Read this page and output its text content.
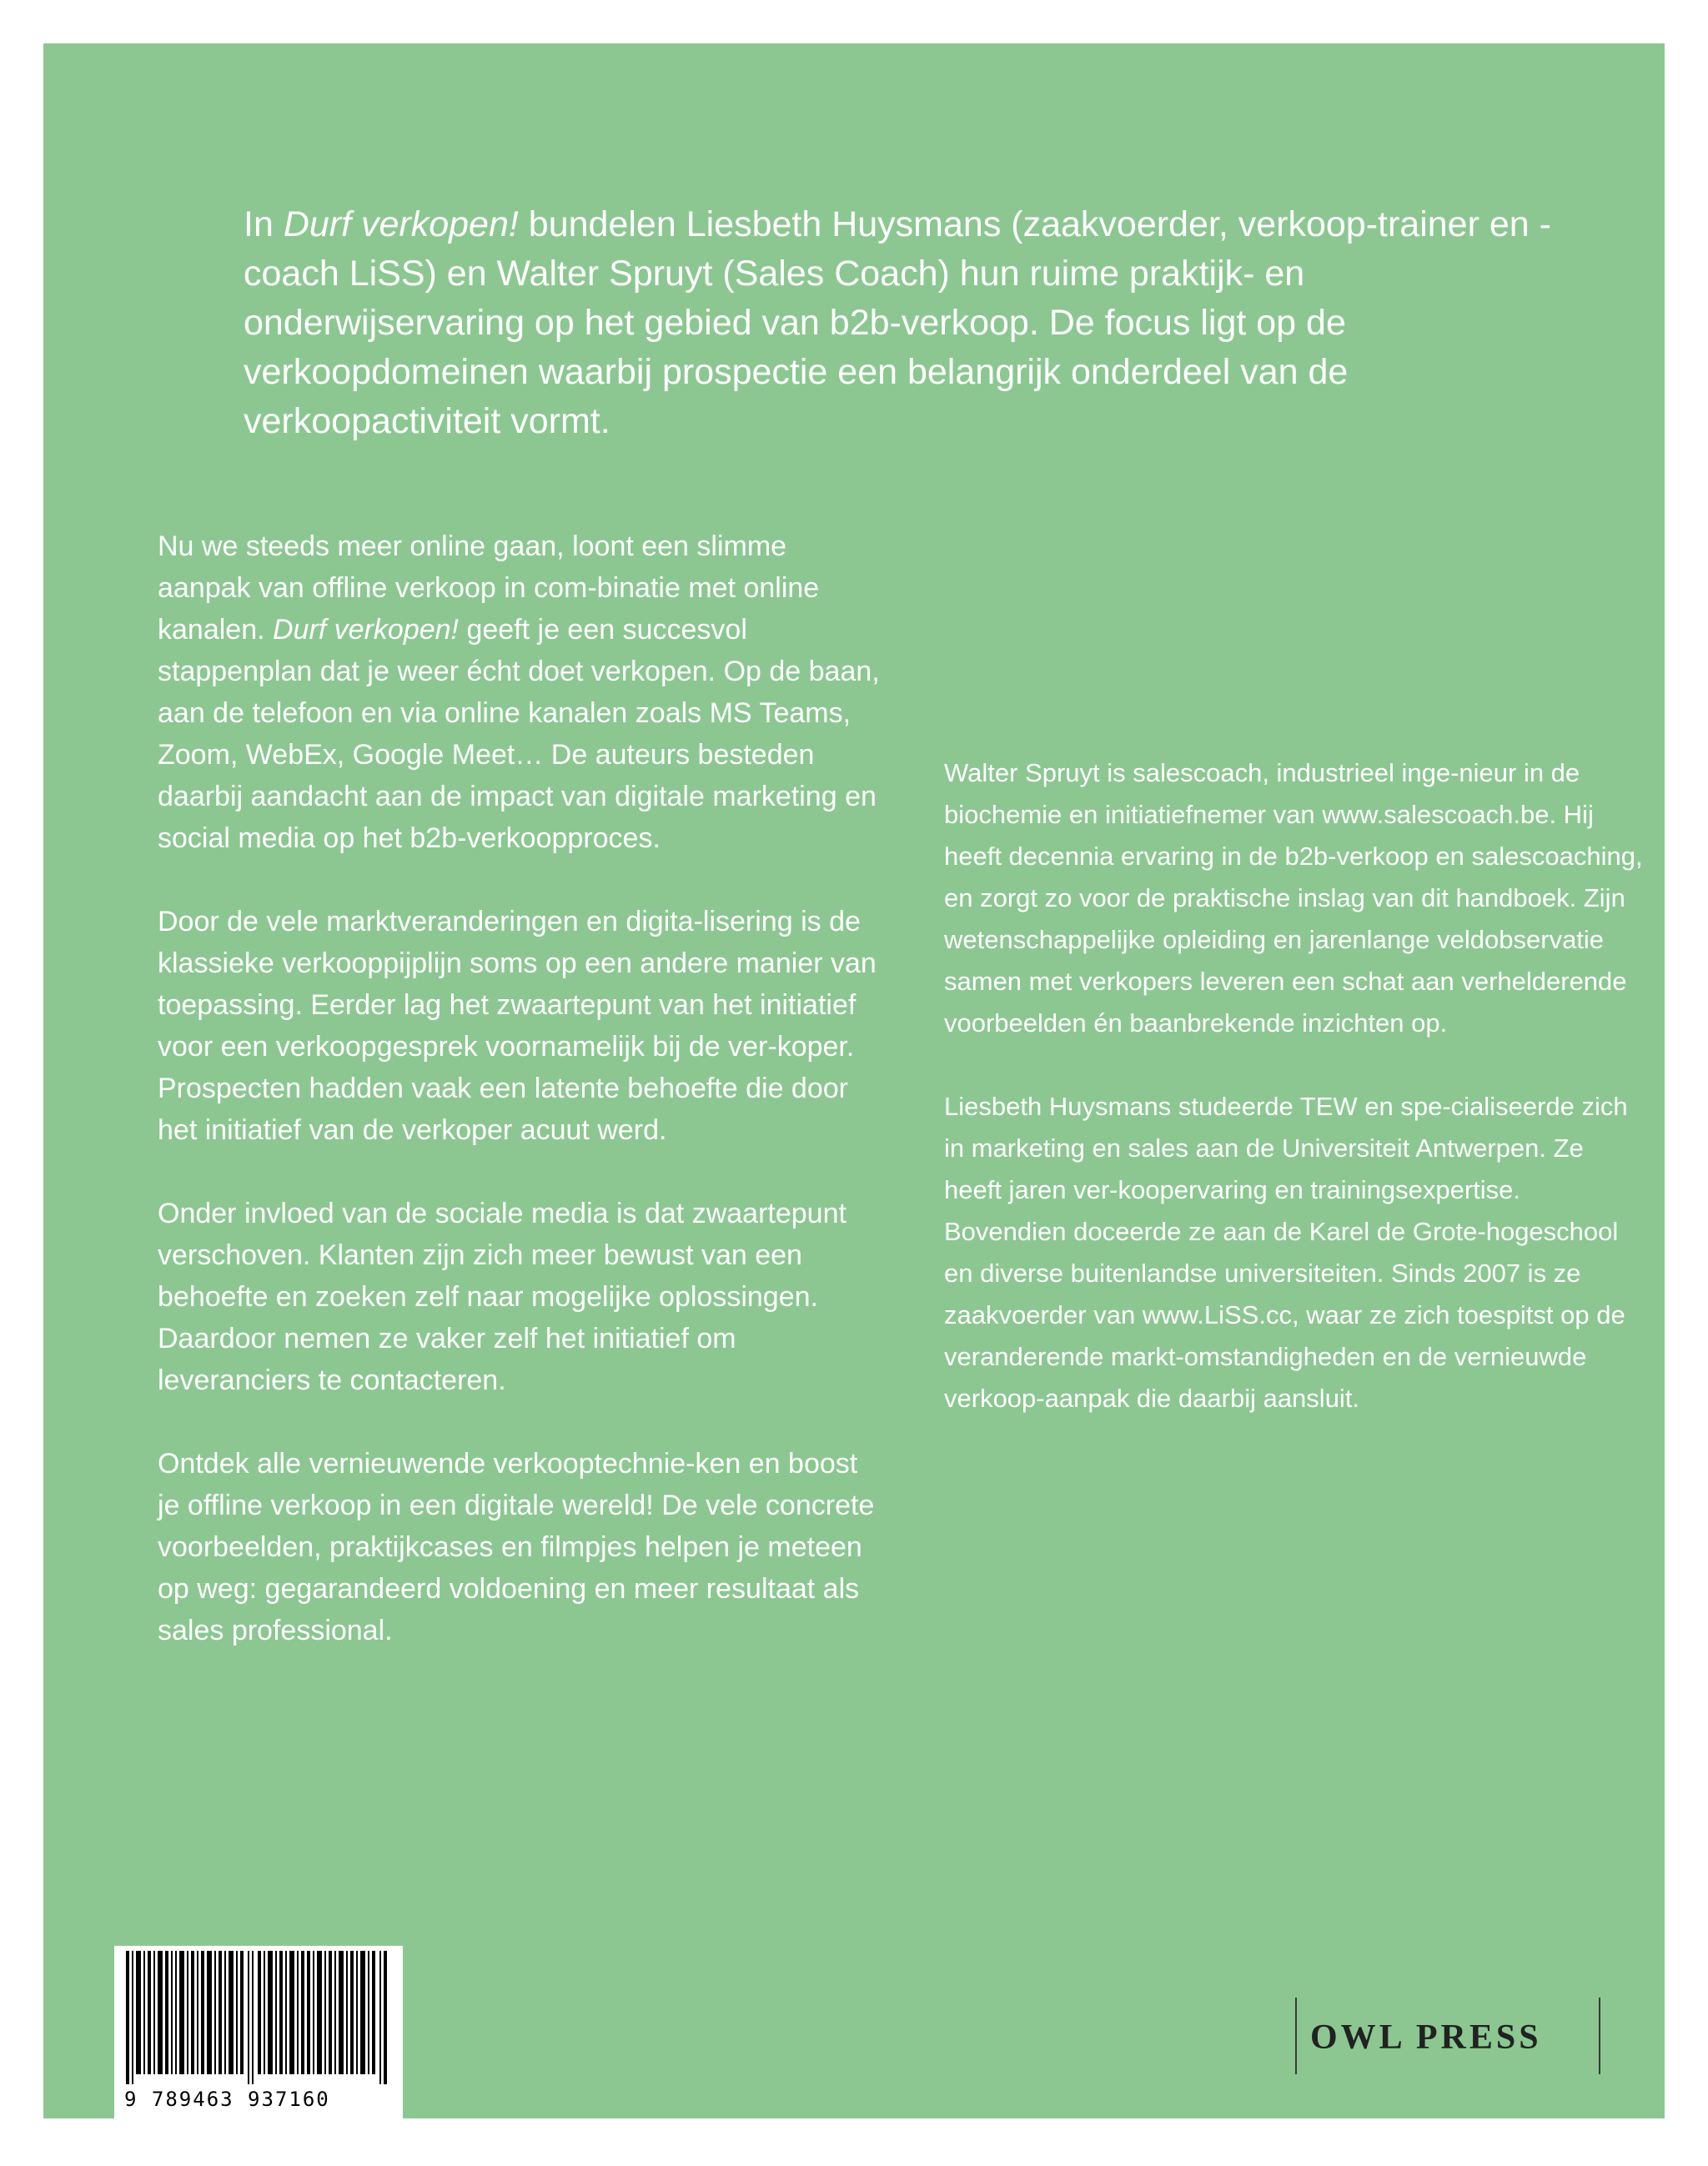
In Durf verkopen! bundelen Liesbeth Huysmans (zaakvoerder, verkoop-trainer en -coach LiSS) en Walter Spruyt (Sales Coach) hun ruime praktijk- en onderwijservaring op het gebied van b2b-verkoop. De focus ligt op de verkoopdomeinen waarbij prospectie een belangrijk onderdeel van de verkoopactiviteit vormt.

Nu we steeds meer online gaan, loont een slimme aanpak van offline verkoop in com-binatie met online kanalen. Durf verkopen! geeft je een succesvol stappenplan dat je weer écht doet verkopen. Op de baan, aan de telefoon en via online kanalen zoals MS Teams, Zoom, WebEx, Google Meet… De auteurs besteden daarbij aandacht aan de impact van digitale marketing en social media op het b2b-verkoopproces.

Door de vele marktveranderingen en digita-lisering is de klassieke verkooppijplijn soms op een andere manier van toepassing. Eerder lag het zwaartepunt van het initiatief voor een verkoopgesprek voornamelijk bij de ver-koper. Prospecten hadden vaak een latente behoefte die door het initiatief van de verkoper acuut werd.

Onder invloed van de sociale media is dat zwaartepunt verschoven. Klanten zijn zich meer bewust van een behoefte en zoeken zelf naar mogelijke oplossingen. Daardoor nemen ze vaker zelf het initiatief om leveranciers te contacteren.

Ontdek alle vernieuwende verkooptechnie-ken en boost je offline verkoop in een digitale wereld! De vele concrete voorbeelden, praktijkcases en filmpjes helpen je meteen op weg: gegarandeerd voldoening en meer resultaat als sales professional.

Walter Spruyt is salescoach, industrieel inge-nieur in de biochemie en initiatiefnemer van www.salescoach.be. Hij heeft decennia ervaring in de b2b-verkoop en salescoaching, en zorgt zo voor de praktische inslag van dit handboek. Zijn wetenschappelijke opleiding en jarenlange veldobservatie samen met verkopers leveren een schat aan verhelderende voorbeelden én baanbrekende inzichten op.

Liesbeth Huysmans studeerde TEW en spe-cialiseerde zich in marketing en sales aan de Universiteit Antwerpen. Ze heeft jaren ver-koopervaring en trainingsexpertise. Bovendien doceerde ze aan de Karel de Grote-hogeschool en diverse buitenlandse universiteiten. Sinds 2007 is ze zaakvoerder van www.LiSS.cc, waar ze zich toespitst op de veranderende markt-omstandigheden en de vernieuwde verkoop-aanpak die daarbij aansluit.

9 789463 937160
OWL PRESS
